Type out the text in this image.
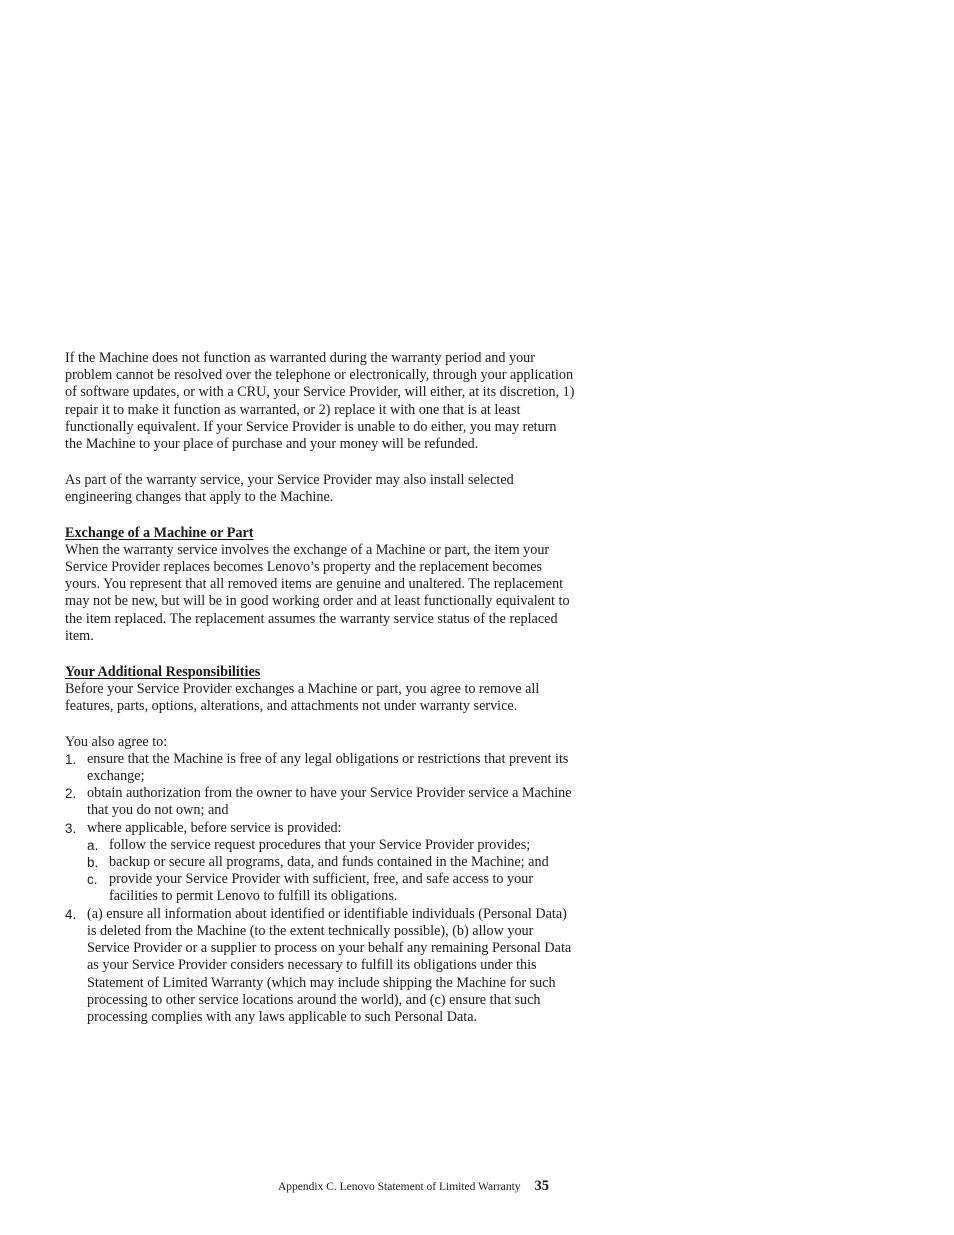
If the Machine does not function as warranted during the warranty period and your problem cannot be resolved over the telephone or electronically, through your application of software updates, or with a CRU, your Service Provider, will either, at its discretion, 1) repair it to make it function as warranted, or 2) replace it with one that is at least functionally equivalent. If your Service Provider is unable to do either, you may return the Machine to your place of purchase and your money will be refunded.

As part of the warranty service, your Service Provider may also install selected engineering changes that apply to the Machine.

Exchange of a Machine or Part

When the warranty service involves the exchange of a Machine or part, the item your Service Provider replaces becomes Lenovo’s property and the replacement becomes yours. You represent that all removed items are genuine and unaltered. The replacement may not be new, but will be in good working order and at least functionally equivalent to the item replaced. The replacement assumes the warranty service status of the replaced item.

Your Additional Responsibilities

Before your Service Provider exchanges a Machine or part, you agree to remove all features, parts, options, alterations, and attachments not under warranty service.

You also agree to:

1. ensure that the Machine is free of any legal obligations or restrictions that prevent its exchange;
2. obtain authorization from the owner to have your Service Provider service a Machine that you do not own; and
3. where applicable, before service is provided:
a. follow the service request procedures that your Service Provider provides;
b. backup or secure all programs, data, and funds contained in the Machine; and
c. provide your Service Provider with sufficient, free, and safe access to your facilities to permit Lenovo to fulfill its obligations.
4. (a) ensure all information about identified or identifiable individuals (Personal Data) is deleted from the Machine (to the extent technically possible), (b) allow your Service Provider or a supplier to process on your behalf any remaining Personal Data as your Service Provider considers necessary to fulfill its obligations under this Statement of Limited Warranty (which may include shipping the Machine for such processing to other service locations around the world), and (c) ensure that such processing complies with any laws applicable to such Personal Data.
Appendix C. Lenovo Statement of Limited Warranty 35
